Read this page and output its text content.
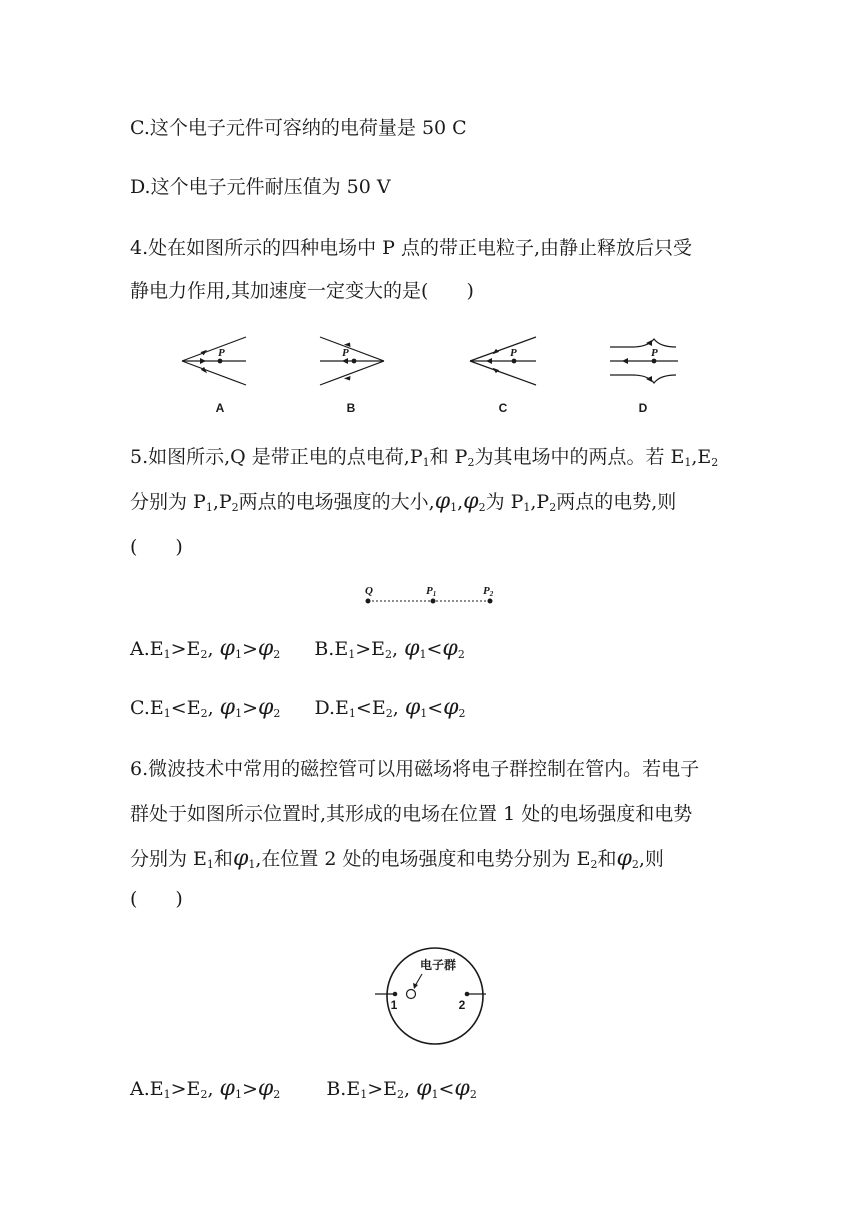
C.这个电子元件可容纳的电荷量是 50 C
D.这个电子元件耐压值为 50 V
4.处在如图所示的四种电场中 P 点的带正电粒子,由静止释放后只受
静电力作用,其加速度一定变大的是(　　)
P	P	P	P
A	B	C	D
5.如图所示,Q 是带正电的点电荷$,P_1$和 $P_2$为其电场中的两点。若 $E_1,E_2$
分别为 $P_1,P_2$两点的电场强度的大小$,\varphi_1,\varphi_2$为 $P_1,P_2$两点的电势,则
(　　)
Q	P1	P2
$A.E_1>E_2$, $\varphi_1>\varphi_2$ $B.E_1>E_2$, $\varphi_1<\varphi_2$
$C.E_1<E_2$, $\varphi_1>\varphi_2$ $D.E_1<E_2$, $\varphi_1<\varphi_2$
6.微波技术中常用的磁控管可以用磁场将电子群控制在管内。若电子
群处于如图所示位置时,其形成的电场在位置 1 处的电场强度和电势
分别为 $E_1$和$\varphi_1$,在位置 2 处的电场强度和电势分别为 $E_2$和$\varphi_2$,则
(　　)
电子群
1	2
$A.E_1>E_2$, $\varphi_1>\varphi_2$ $B.E_1>E_2$, $\varphi_1<\varphi_2$
